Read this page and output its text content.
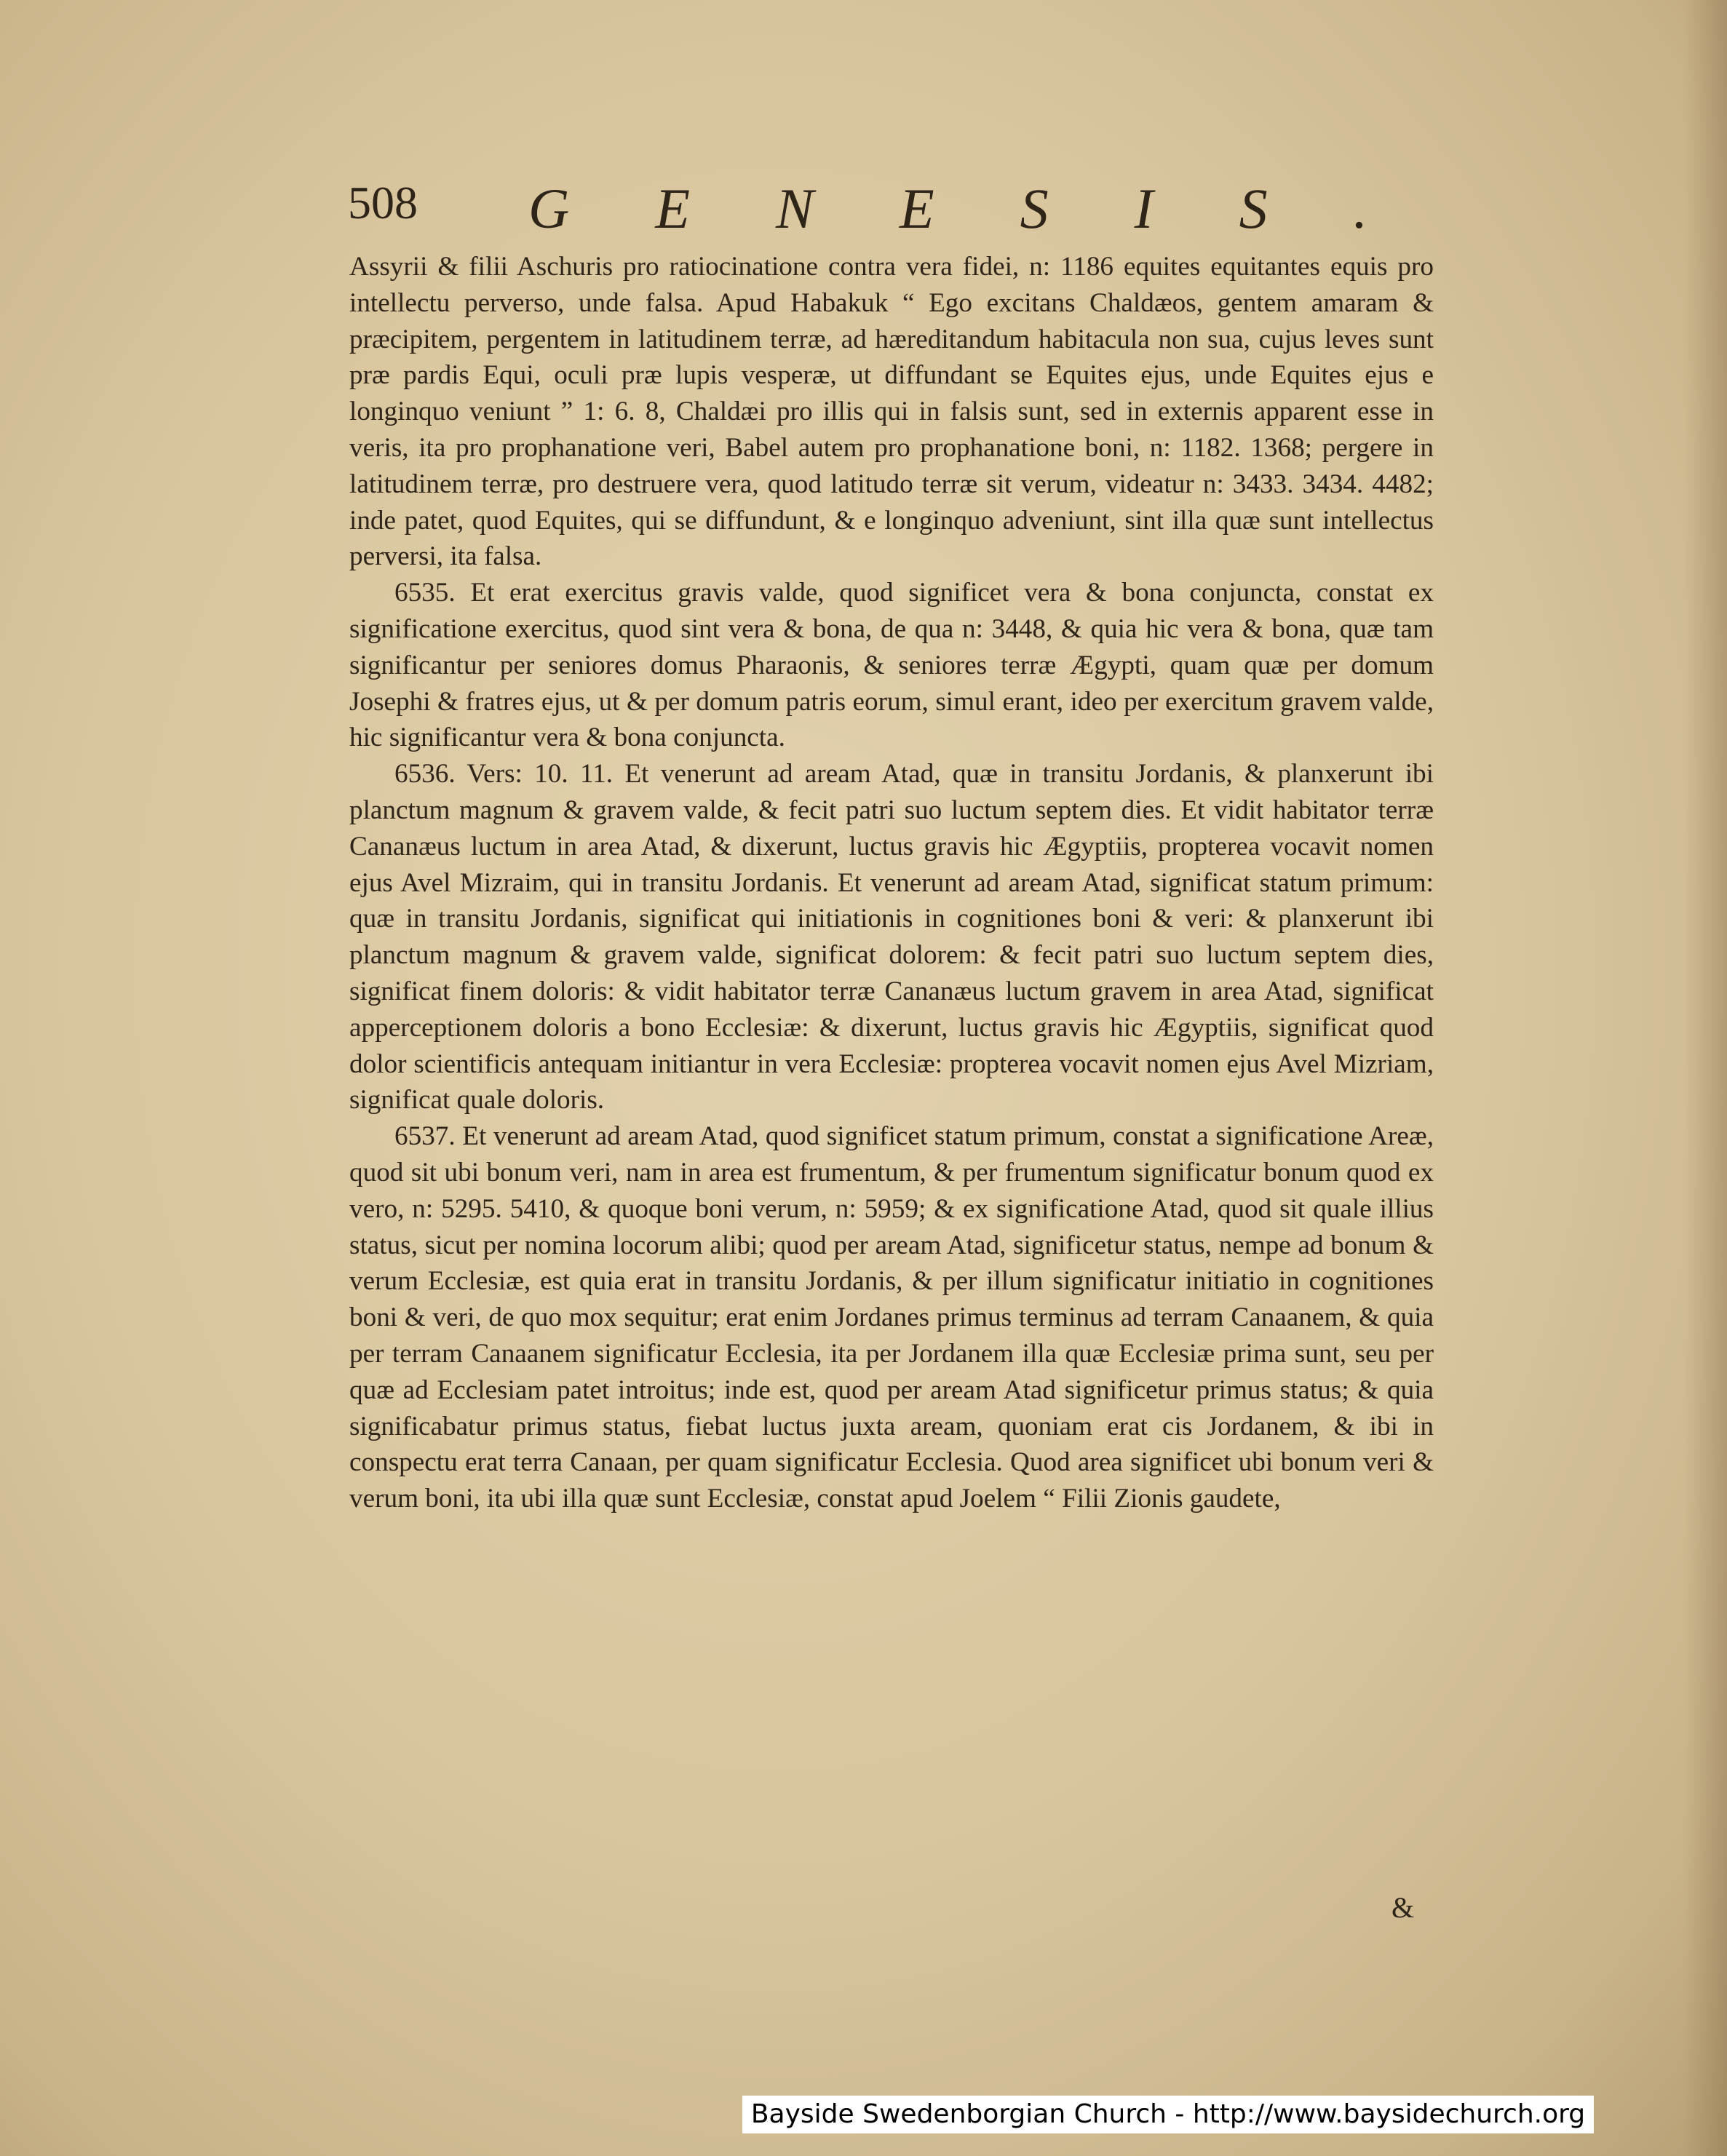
508 GENESIS.

Assyrii & filii Aschuris pro ratiocinatione contra vera fidei, n: 1186 equites equitantes equis pro intellectu perverso, unde falsa. Apud Habakuk “ Ego excitans Chaldæos, gentem amaram & præcipitem, pergentem in latitudinem terræ, ad hæreditandum habitacula non sua, cujus leves sunt præ pardis Equi, oculi præ lupis vesperæ, ut diffundant se Equites ejus, unde Equites ejus e longinquo veniunt ” 1: 6. 8, Chaldæi pro illis qui in falsis sunt, sed in externis apparent esse in veris, ita pro prophanatione veri, Babel autem pro prophanatione boni, n: 1182. 1368; pergere in latitudinem terræ, pro destruere vera, quod latitudo terræ sit verum, videatur n: 3433. 3434. 4482; inde patet, quod Equites, qui se diffundunt, & e longinquo adveniunt, sint illa quæ sunt intellectus perversi, ita falsa.

6535. Et erat exercitus gravis valde, quod significet vera & bona conjuncta, constat ex significatione exercitus, quod sint vera & bona, de qua n: 3448, & quia hic vera & bona, quæ tam significantur per seniores domus Pharaonis, & seniores terræ Ægypti, quam quæ per domum Josephi & fratres ejus, ut & per domum patris eorum, simul erant, ideo per exercitum gravem valde, hic significantur vera & bona conjuncta.

6536. Vers: 10. 11. Et venerunt ad aream Atad, quæ in transitu Jordanis, & planxerunt ibi planctum magnum & gravem valde, & fecit patri suo luctum septem dies. Et vidit habitator terræ Cananæus luctum in area Atad, & dixerunt, luctus gravis hic Ægyptiis, propterea vocavit nomen ejus Avel Mizraim, qui in transitu Jordanis. Et venerunt ad aream Atad, significat statum primum: quæ in transitu Jordanis, significat qui initiationis in cognitiones boni & veri: & planxerunt ibi planctum magnum & gravem valde, significat dolorem: & fecit patri suo luctum septem dies, significat finem doloris: & vidit habitator terræ Cananæus luctum gravem in area Atad, significat apperceptionem doloris a bono Ecclesiæ: & dixerunt, luctus gravis hic Ægyptiis, significat quod dolor scientificis antequam initiantur in vera Ecclesiæ: propterea vocavit nomen ejus Avel Mizriam, significat quale doloris.

6537. Et venerunt ad aream Atad, quod significet statum primum, constat a significatione Areæ, quod sit ubi bonum veri, nam in area est frumentum, & per frumentum significatur bonum quod ex vero, n: 5295. 5410, & quoque boni verum, n: 5959; & ex significatione Atad, quod sit quale illius status, sicut per nomina locorum alibi; quod per aream Atad, significetur status, nempe ad bonum & verum Ecclesiæ, est quia erat in transitu Jordanis, & per illum significatur initiatio in cognitiones boni & veri, de quo mox sequitur; erat enim Jordanes primus terminus ad terram Canaanem, & quia per terram Canaanem significatur Ecclesia, ita per Jordanem illa quæ Ecclesiæ prima sunt, seu per quæ ad Ecclesiam patet introitus; inde est, quod per aream Atad significetur primus status; & quia significabatur primus status, fiebat luctus juxta aream, quoniam erat cis Jordanem, & ibi in conspectu erat terra Canaan, per quam significatur Ecclesia. Quod area significet ubi bonum veri & verum boni, ita ubi illa quæ sunt Ecclesiæ, constat apud Joelem “ Filii Zionis gaudete,

&
Bayside Swedenborgian Church - http://www.baysidechurch.org
